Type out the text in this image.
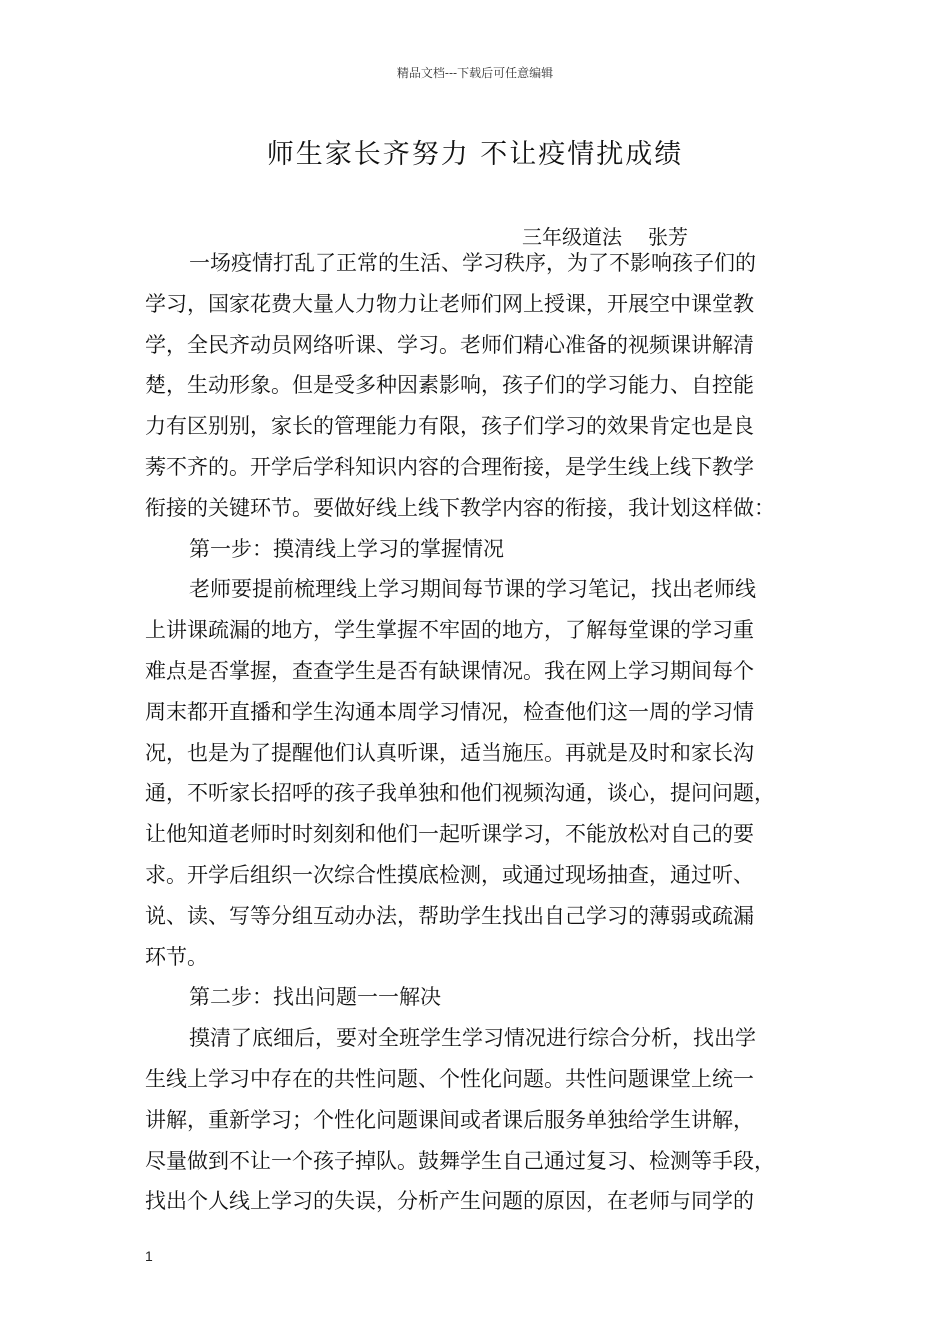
精品文档---下载后可任意编辑
师生家长齐努力 不让疫情扰成绩
三年级道法 张芳
一场疫情打乱了正常的生活、学习秩序，为了不影响孩子们的
学习，国家花费大量人力物力让老师们网上授课，开展空中课堂教
学，全民齐动员网络听课、学习。老师们精心准备的视频课讲解清
楚，生动形象。但是受多种因素影响，孩子们的学习能力、自控能
力有区别别，家长的管理能力有限，孩子们学习的效果肯定也是良
莠不齐的。开学后学科知识内容的合理衔接，是学生线上线下教学
衔接的关键环节。要做好线上线下教学内容的衔接，我计划这样做：
第一步：摸清线上学习的掌握情况
老师要提前梳理线上学习期间每节课的学习笔记，找出老师线
上讲课疏漏的地方，学生掌握不牢固的地方，了解每堂课的学习重
难点是否掌握，查查学生是否有缺课情况。我在网上学习期间每个
周末都开直播和学生沟通本周学习情况，检查他们这一周的学习情
况，也是为了提醒他们认真听课，适当施压。再就是及时和家长沟
通，不听家长招呼的孩子我单独和他们视频沟通，谈心，提问问题，
让他知道老师时时刻刻和他们一起听课学习，不能放松对自己的要
求。开学后组织一次综合性摸底检测，或通过现场抽查，通过听、
说、读、写等分组互动办法，帮助学生找出自己学习的薄弱或疏漏
环节。
第二步：找出问题一一解决
摸清了底细后，要对全班学生学习情况进行综合分析，找出学
生线上学习中存在的共性问题、个性化问题。共性问题课堂上统一
讲解，重新学习；个性化问题课间或者课后服务单独给学生讲解，
尽量做到不让一个孩子掉队。鼓舞学生自己通过复习、检测等手段，
找出个人线上学习的失误，分析产生问题的原因，在老师与同学的
1
